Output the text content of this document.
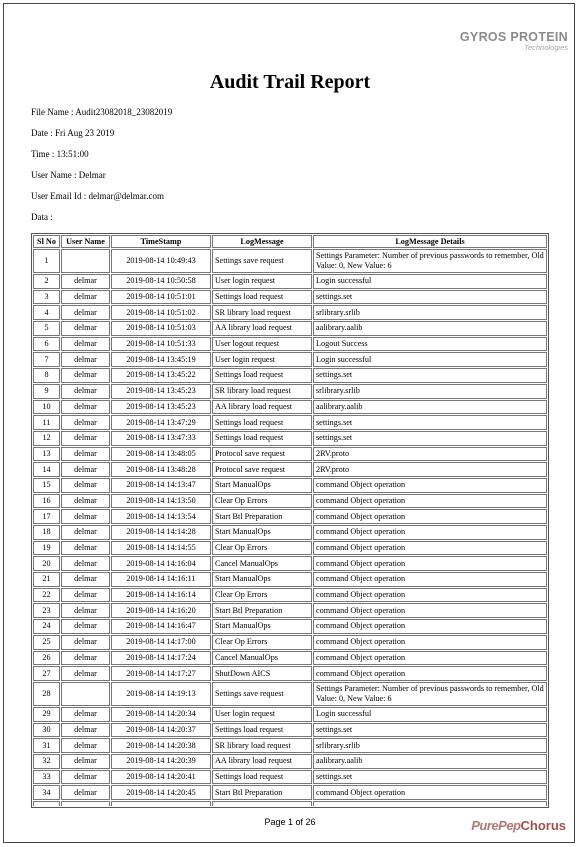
GYROS PROTEIN
Technologies
Audit Trail Report
File Name : Audit23082018_23082019
Date : Fri Aug 23 2019
Time : 13:51:00
User Name : Delmar
User Email Id : delmar@delmar.com
Data :
Sl No	User Name	TimeStamp	LogMessage	LogMessage Details
1		2019-08-14 10:49:43	Settings save request	Settings Parameter: Number of previous passwords to remember, Old Value: 0, New Value: 6
2	delmar	2019-08-14 10:50:58	User login request	Login successful
3	delmar	2019-08-14 10:51:01	Settings load request	settings.set
4	delmar	2019-08-14 10:51:02	SR library load request	srlibrary.srlib
5	delmar	2019-08-14 10:51:03	AA library load request	aalibrary.aalib
6	delmar	2019-08-14 10:51:33	User logout request	Logout Success
7	delmar	2019-08-14 13:45:19	User login request	Login successful
8	delmar	2019-08-14 13:45:22	Settings load request	settings.set
9	delmar	2019-08-14 13:45:23	SR library load request	srlibrary.srlib
10	delmar	2019-08-14 13:45:23	AA library load request	aalibrary.aalib
11	delmar	2019-08-14 13:47:29	Settings load request	settings.set
12	delmar	2019-08-14 13:47:33	Settings load request	settings.set
13	delmar	2019-08-14 13:48:05	Protocol save request	2RV.proto
14	delmar	2019-08-14 13:48:28	Protocol save request	2RV.proto
15	delmar	2019-08-14 14:13:47	Start ManualOps	command Object operation
16	delmar	2019-08-14 14:13:50	Clear Op Errors	command Object operation
17	delmar	2019-08-14 14:13:54	Start Btl Preparation	command Object operation
18	delmar	2019-08-14 14:14:28	Start ManualOps	command Object operation
19	delmar	2019-08-14 14:14:55	Clear Op Errors	command Object operation
20	delmar	2019-08-14 14:16:04	Cancel ManualOps	command Object operation
21	delmar	2019-08-14 14:16:11	Start ManualOps	command Object operation
22	delmar	2019-08-14 14:16:14	Clear Op Errors	command Object operation
23	delmar	2019-08-14 14:16:20	Start Btl Preparation	command Object operation
24	delmar	2019-08-14 14:16:47	Start ManualOps	command Object operation
25	delmar	2019-08-14 14:17:00	Clear Op Errors	command Object operation
26	delmar	2019-08-14 14:17:24	Cancel ManualOps	command Object operation
27	delmar	2019-08-14 14:17:27	ShutDown AICS	command Object operation
28		2019-08-14 14:19:13	Settings save request	Settings Parameter: Number of previous passwords to remember, Old Value: 0, New Value: 6
29	delmar	2019-08-14 14:20:34	User login request	Login successful
30	delmar	2019-08-14 14:20:37	Settings load request	settings.set
31	delmar	2019-08-14 14:20:38	SR library load request	srlibrary.srlib
32	delmar	2019-08-14 14:20:39	AA library load request	aalibrary.aalib
33	delmar	2019-08-14 14:20:41	Settings load request	settings.set
34	delmar	2019-08-14 14:20:45	Start Btl Preparation	command Object operation

Page 1 of 26	PurePepChorus
